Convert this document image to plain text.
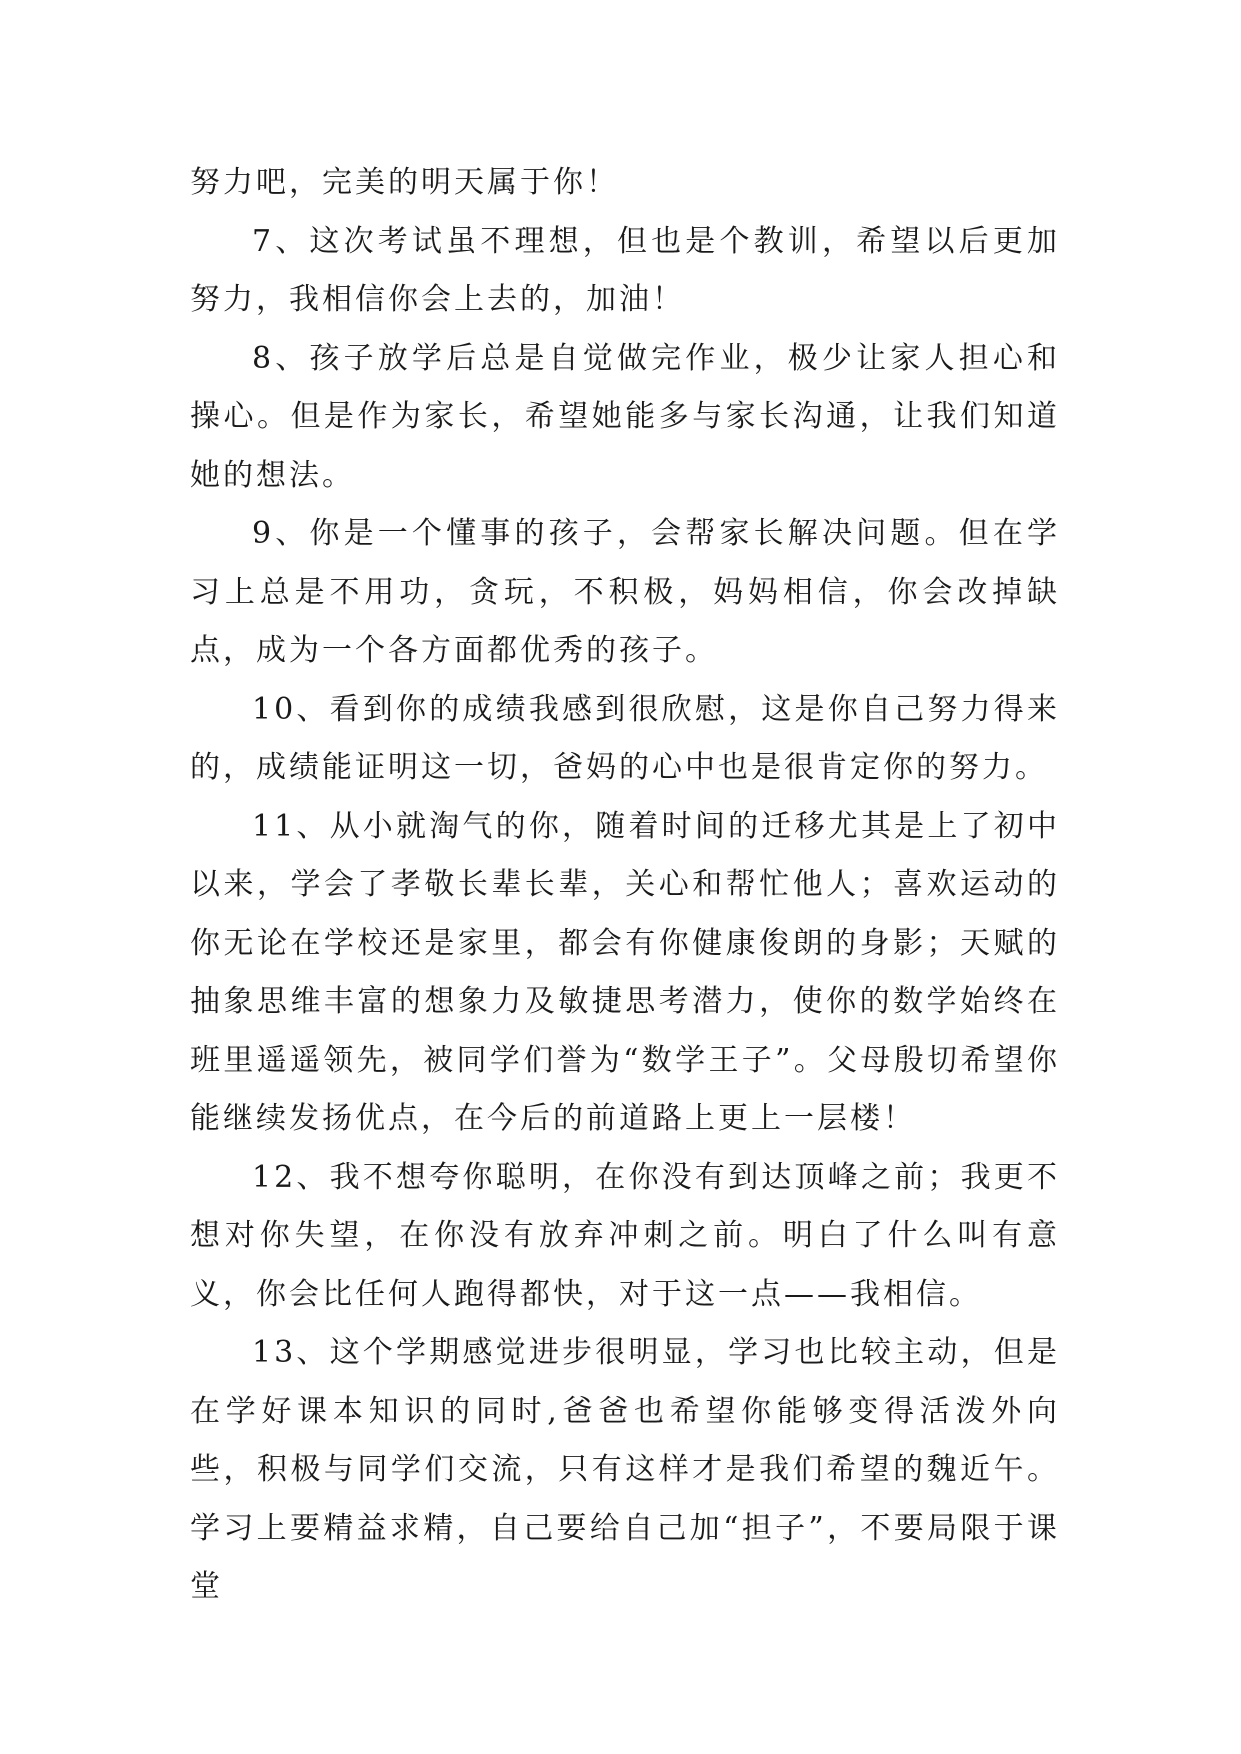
努力吧，完美的明天属于你！

7、这次考试虽不理想，但也是个教训，希望以后更加努力，我相信你会上去的，加油！

8、孩子放学后总是自觉做完作业，极少让家人担心和操心。但是作为家长，希望她能多与家长沟通，让我们知道她的想法。

9、你是一个懂事的孩子，会帮家长解决问题。但在学习上总是不用功，贪玩，不积极，妈妈相信，你会改掉缺点，成为一个各方面都优秀的孩子。

10、看到你的成绩我感到很欣慰，这是你自己努力得来的，成绩能证明这一切，爸妈的心中也是很肯定你的努力。

11、从小就淘气的你，随着时间的迁移尤其是上了初中以来，学会了孝敬长辈长辈，关心和帮忙他人；喜欢运动的你无论在学校还是家里，都会有你健康俊朗的身影；天赋的抽象思维丰富的想象力及敏捷思考潜力，使你的数学始终在班里遥遥领先，被同学们誉为“数学王子”。父母殷切希望你能继续发扬优点，在今后的前道路上更上一层楼！

12、我不想夸你聪明，在你没有到达顶峰之前；我更不想对你失望，在你没有放弃冲刺之前。明白了什么叫有意义，你会比任何人跑得都快，对于这一点——我相信。

13、这个学期感觉进步很明显，学习也比较主动，但是在学好课本知识的同时,爸爸也希望你能够变得活泼外向些，积极与同学们交流，只有这样才是我们希望的魏近午。学习上要精益求精，自己要给自己加“担子”，不要局限于课堂
